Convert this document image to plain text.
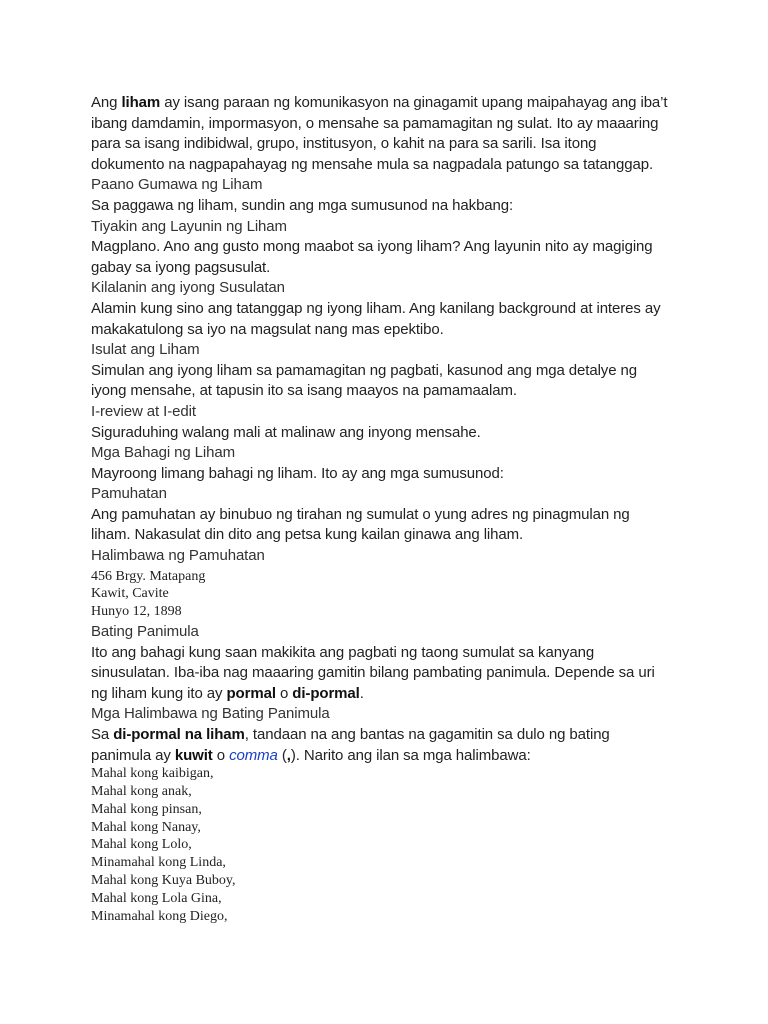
Ang liham ay isang paraan ng komunikasyon na ginagamit upang maipahayag ang iba’t
ibang damdamin, impormasyon, o mensahe sa pamamagitan ng sulat. Ito ay maaaring
para sa isang indibidwal, grupo, institusyon, o kahit na para sa sarili. Isa itong
dokumento na nagpapahayag ng mensahe mula sa nagpadala patungo sa tatanggap.
Paano Gumawa ng Liham
Sa paggawa ng liham, sundin ang mga sumusunod na hakbang:
Tiyakin ang Layunin ng Liham
Magplano. Ano ang gusto mong maabot sa iyong liham? Ang layunin nito ay magiging
gabay sa iyong pagsusulat.
Kilalanin ang iyong Susulatan
Alamin kung sino ang tatanggap ng iyong liham. Ang kanilang background at interes ay
makakatulong sa iyo na magsulat nang mas epektibo.
Isulat ang Liham
Simulan ang iyong liham sa pamamagitan ng pagbati, kasunod ang mga detalye ng
iyong mensahe, at tapusin ito sa isang maayos na pamamaalam.
I-review at I-edit
Siguraduhing walang mali at malinaw ang inyong mensahe.
Mga Bahagi ng Liham
Mayroong limang bahagi ng liham. Ito ay ang mga sumusunod:
Pamuhatan
Ang pamuhatan ay binubuo ng tirahan ng sumulat o yung adres ng pinagmulan ng
liham. Nakasulat din dito ang petsa kung kailan ginawa ang liham.
Halimbawa ng Pamuhatan
456 Brgy. Matapang
Kawit, Cavite
Hunyo 12, 1898
Bating Panimula
Ito ang bahagi kung saan makikita ang pagbati ng taong sumulat sa kanyang
sinusulatan. Iba-iba nag maaaring gamitin bilang pambating panimula. Depende sa uri
ng liham kung ito ay pormal o di-pormal.
Mga Halimbawa ng Bating Panimula
Sa di-pormal na liham, tandaan na ang bantas na gagamitin sa dulo ng bating
panimula ay kuwit o comma (,). Narito ang ilan sa mga halimbawa:
Mahal kong kaibigan,
Mahal kong anak,
Mahal kong pinsan,
Mahal kong Nanay,
Mahal kong Lolo,
Minamahal kong Linda,
Mahal kong Kuya Buboy,
Mahal kong Lola Gina,
Minamahal kong Diego,
